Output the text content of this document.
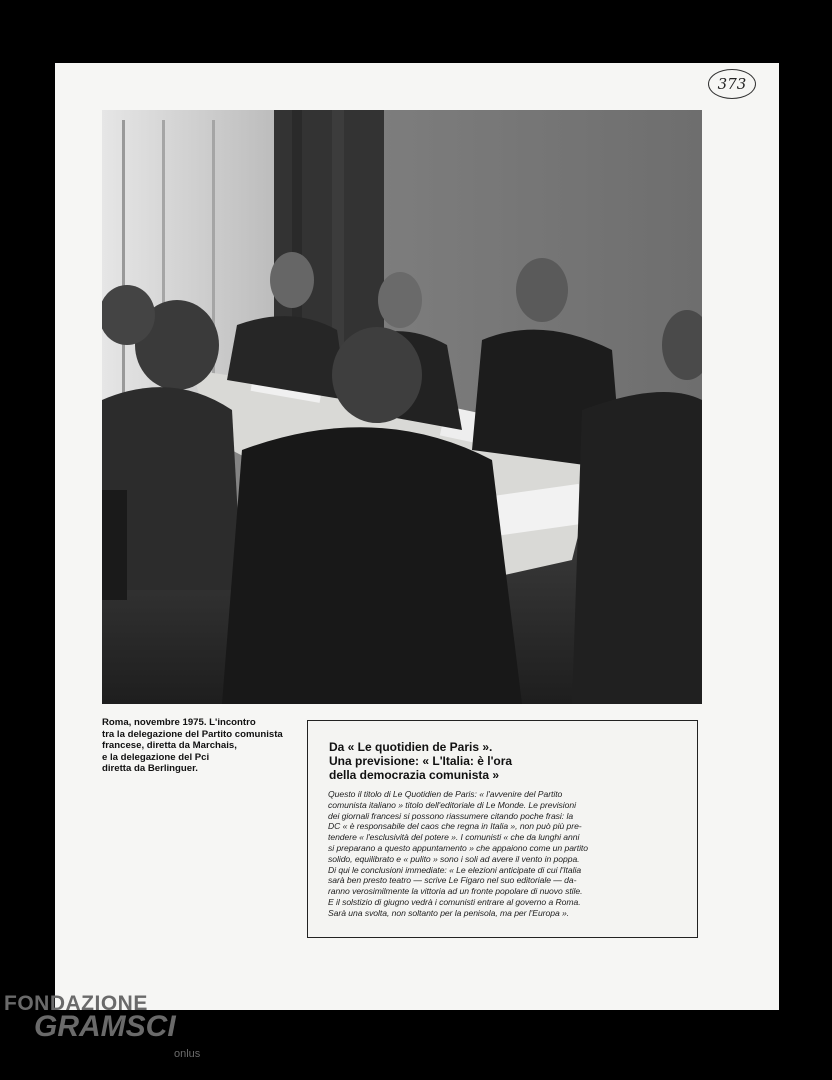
373
Roma, novembre 1975. L'incontro
tra la delegazione del Partito comunista
francese, diretta da Marchais,
e la delegazione del Pci
diretta da Berlinguer.
Da « Le quotidien de Paris ».
Una previsione: « L'Italia: è l'ora
della democrazia comunista »
Questo il titolo di Le Quotidien de Paris: « l'avvenire del Partito
comunista italiano » titolo dell'editoriale di Le Monde. Le previsioni
dei giornali francesi si possono riassumere citando poche frasi: la
DC « è responsabile del caos che regna in Italia », non può più pre-
tendere « l'esclusività del potere ». I comunisti « che da lunghi anni
si preparano a questo appuntamento » che appaiono come un partito
solido, equilibrato e « pulito » sono i soli ad avere il vento in poppa.
Di qui le conclusioni immediate: « Le elezioni anticipate di cui l'Italia
sarà ben presto teatro — scrive Le Figaro nel suo editoriale — da-
ranno verosimilmente la vittoria ad un fronte popolare di nuovo stile.
E il solstizio di giugno vedrà i comunisti entrare al governo a Roma.
Sarà una svolta, non soltanto per la penisola, ma per l'Europa ».
FONDAZIONE
GRAMSCI
onlus
